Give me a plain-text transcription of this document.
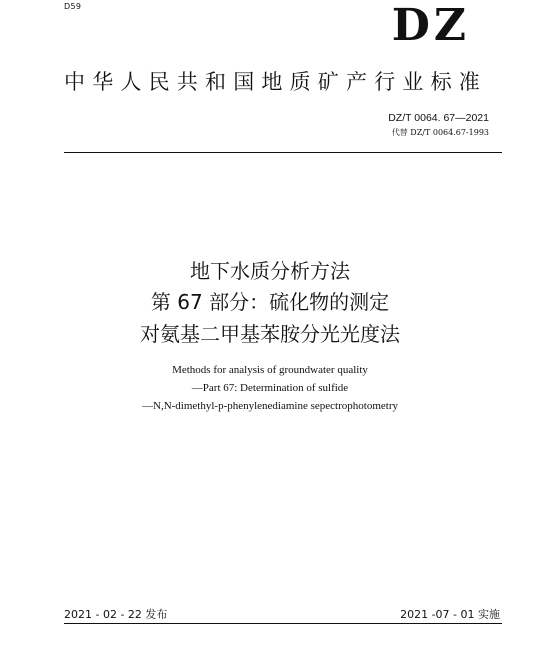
D59	DZ
中华人民共和国地质矿产行业标准
DZ/T 0064. 67—2021
代替 DZ/T 0064.67-1993
地下水质分析方法
第 67 部分：硫化物的测定
对氨基二甲基苯胺分光光度法
Methods for analysis of groundwater quality
—Part 67: Determination of sulfide
—N,N-dimethyl-p-phenylenediamine sepectrophotometry
2021 - 02 - 22 发布	2021 -07 - 01 实施
